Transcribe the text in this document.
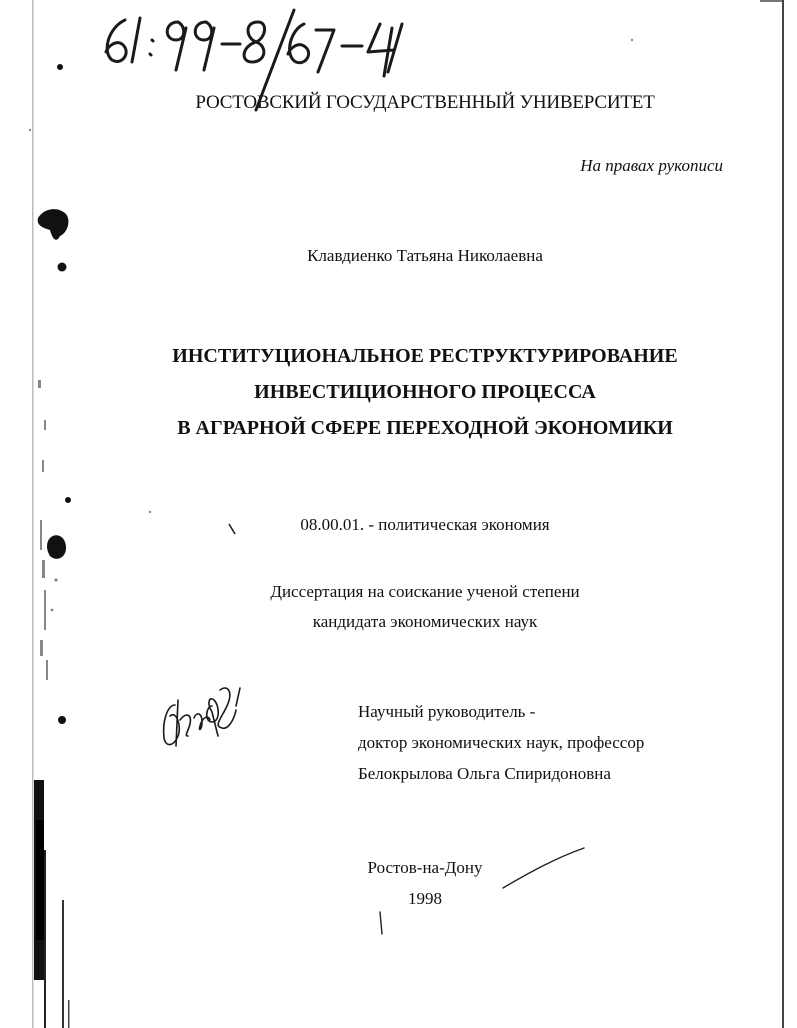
РОСТОВСКИЙ ГОСУДАРСТВЕННЫЙ УНИВЕРСИТЕТ
На правах рукописи
Клавдиенко Татьяна Николаевна
ИНСТИТУЦИОНАЛЬНОЕ РЕСТРУКТУРИРОВАНИЕ
ИНВЕСТИЦИОННОГО ПРОЦЕССА
В АГРАРНОЙ СФЕРЕ ПЕРЕХОДНОЙ ЭКОНОМИКИ
08.00.01. - политическая экономия
Диссертация на соискание ученой степени
кандидата экономических наук
Научный руководитель -
доктор экономических наук, профессор
Белокрылова Ольга Спиридоновна
Ростов-на-Дону
1998
